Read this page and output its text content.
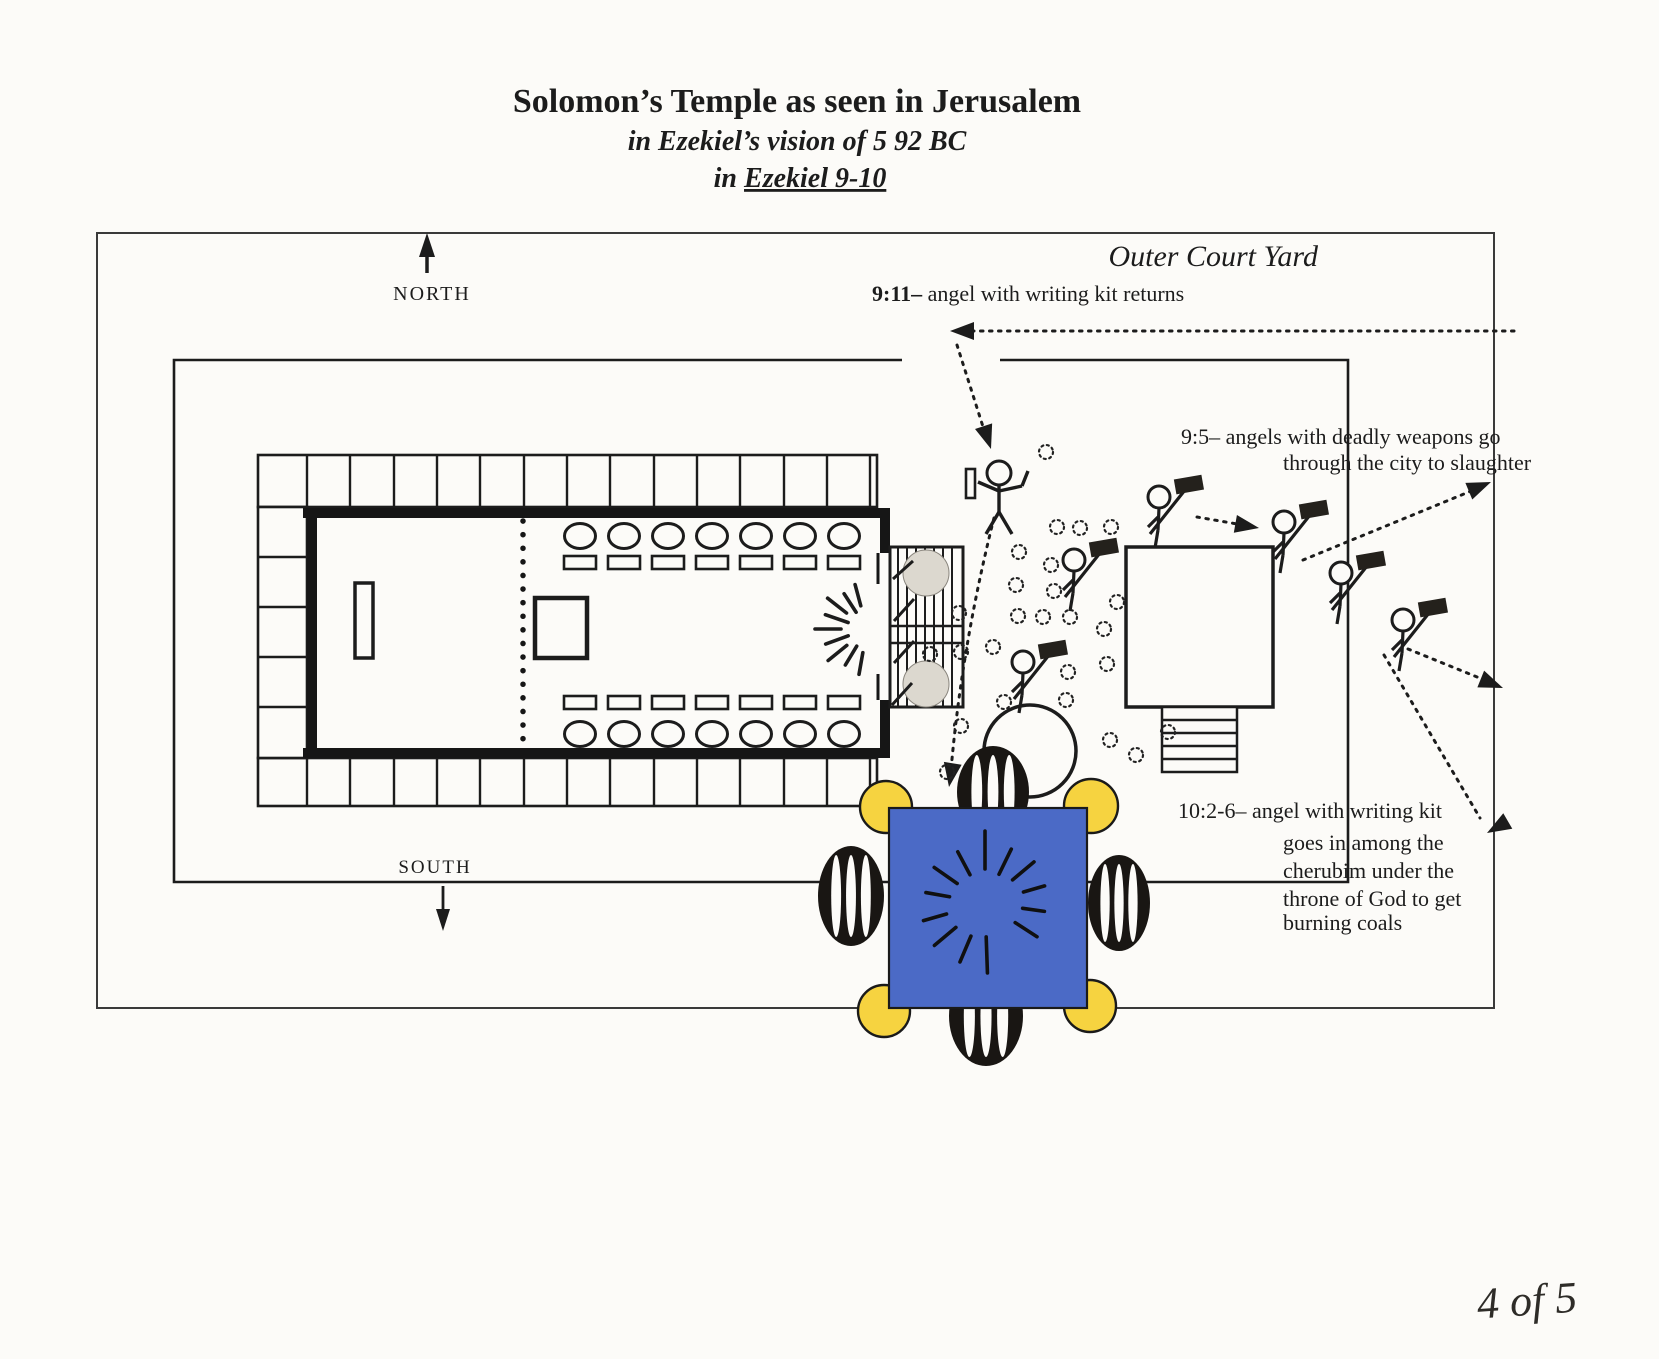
Solomon’s Temple as seen in Jerusalem
in Ezekiel’s vision of 5 92 BC
in Ezekiel 9-10
Outer Court Yard
NORTH
SOUTH
9:11– angel with writing kit returns
9:5– angels with deadly weapons go
through the city to slaughter
10:2-6– angel with writing kit
goes in among the
cherubim under the
throne of God to get
burning coals
4 of 5
